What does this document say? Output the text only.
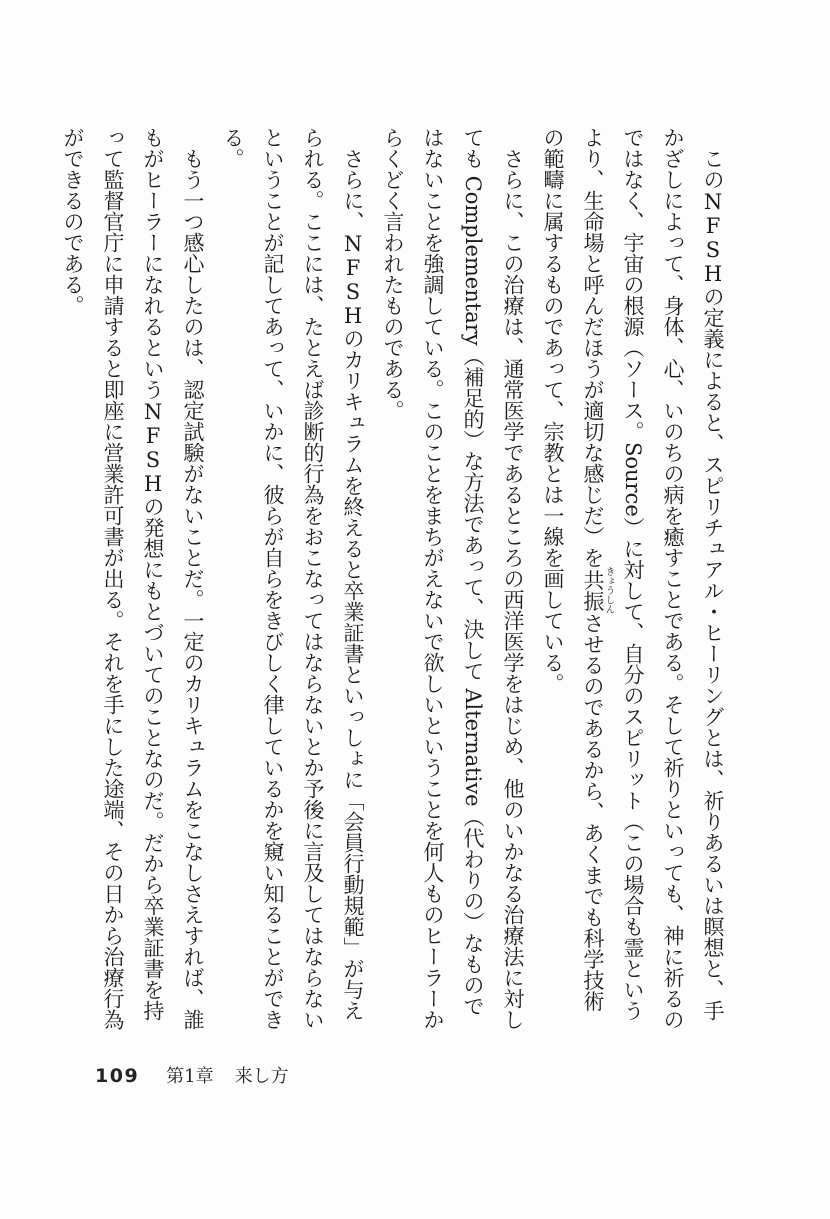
このNFSHの定義によると、スピリチュアル・ヒーリングとは、祈りあるいは瞑想と、手かざしによって、身体、心、いのちの病を癒すことである。そして祈りといっても、神に祈るのではなく、宇宙の根源（ソース。Source）に対して、自分のスピリット（この場合も霊というより、生命場と呼んだほうが適切な感じだ）を共振きょうしんさせるのであるから、あくまでも科学技術の範疇に属するものであって、宗教とは一線を画している。

さらに、この治療は、通常医学であるところの西洋医学をはじめ、他のいかなる治療法に対しても Complementary（補足的）な方法であって、決して Alternative（代わりの）なものではないことを強調している。このことをまちがえないで欲しいということを何人ものヒーラーからくどく言われたものである。

さらに、NFSHのカリキュラムを終えると卒業証書といっしょに「会員行動規範」が与えられる。ここには、たとえば診断的行為をおこなってはならないとか予後に言及してはならないということが記してあって、いかに、彼らが自らをきびしく律しているかを窺い知ることができる。

もう一つ感心したのは、認定試験がないことだ。一定のカリキュラムをこなしさえすれば、誰もがヒーラーになれるというNFSHの発想にもとづいてのことなのだ。だから卒業証書を持って監督官庁に申請すると即座に営業許可書が出る。それを手にした途端、その日から治療行為ができるのである。

109 第1章 来し方
